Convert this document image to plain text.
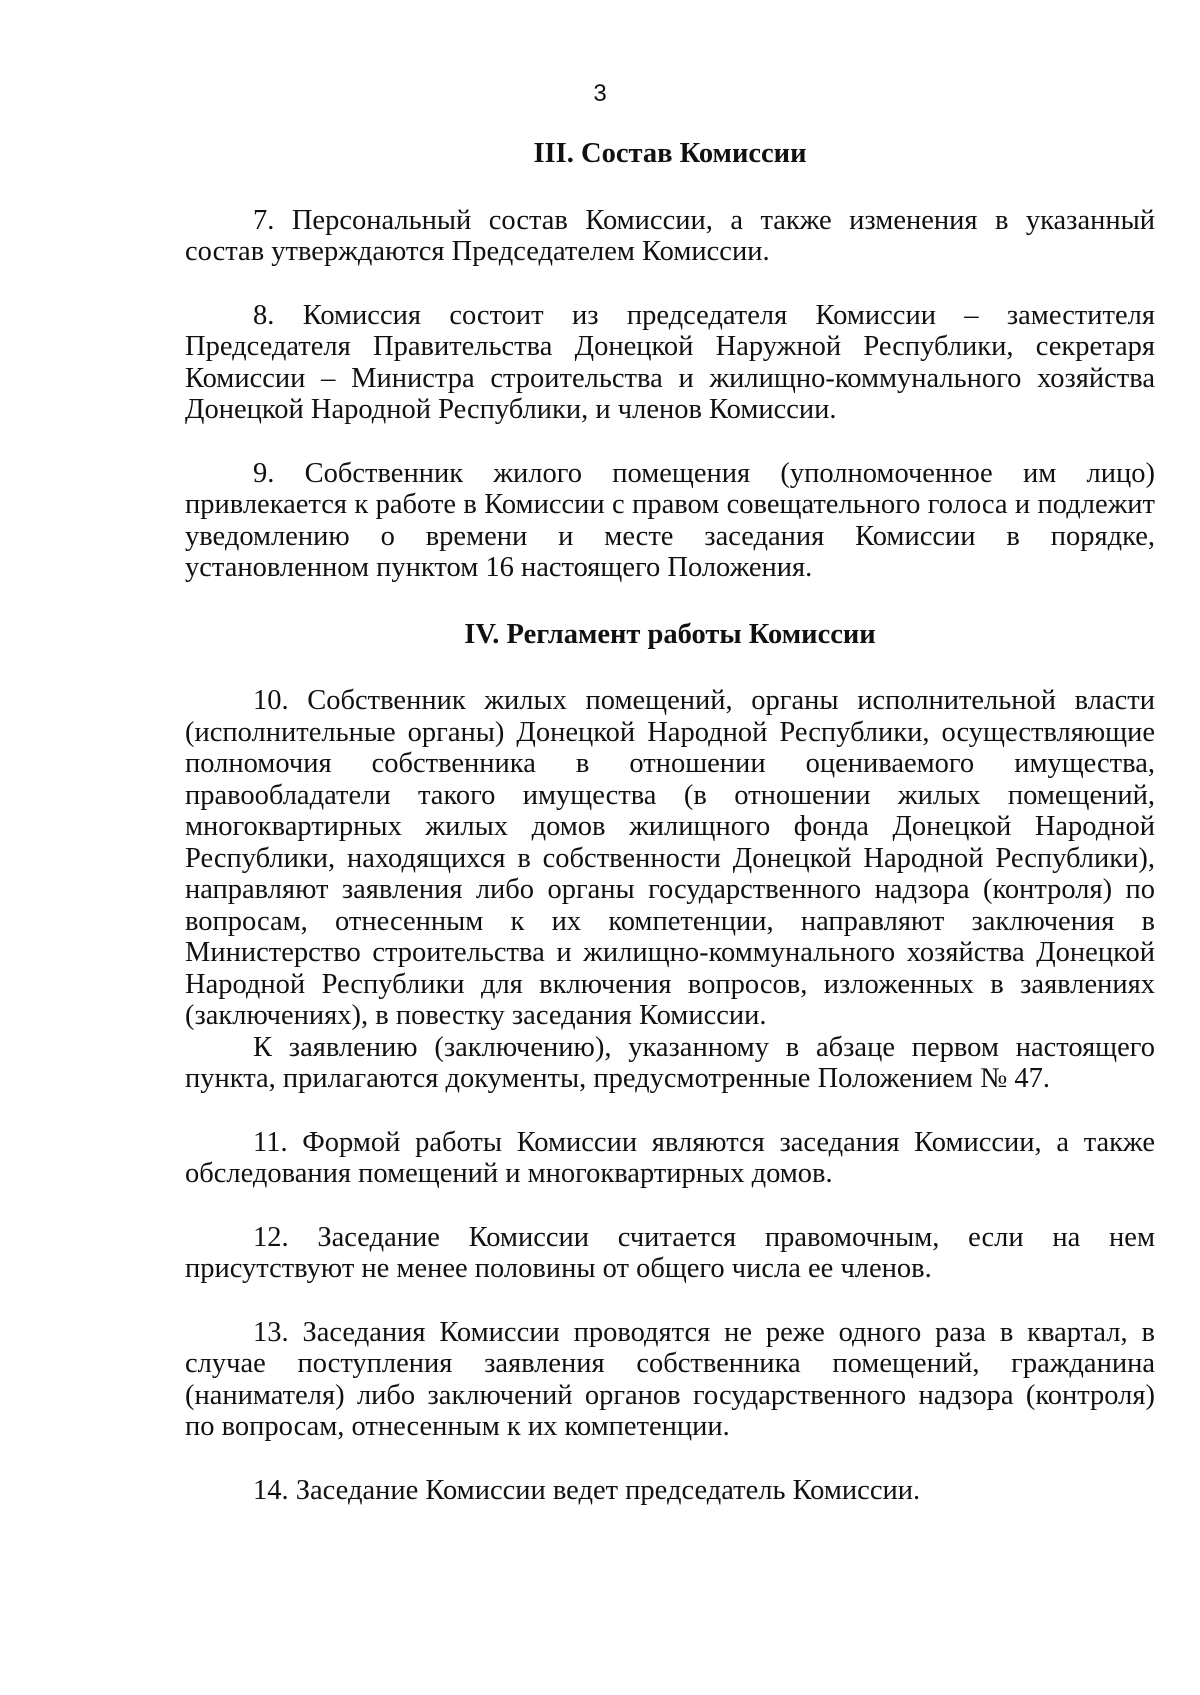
3
III. Состав Комиссии

7. Персональный состав Комиссии, а также изменения в указанный состав утверждаются Председателем Комиссии.

8. Комиссия состоит из председателя Комиссии – заместителя Председателя Правительства Донецкой Наружной Республики, секретаря Комиссии – Министра строительства и жилищно-коммунального хозяйства Донецкой Народной Республики, и членов Комиссии.

9. Собственник жилого помещения (уполномоченное им лицо) привлекается к работе в Комиссии с правом совещательного голоса и подлежит уведомлению о времени и месте заседания Комиссии в порядке, установленном пунктом 16 настоящего Положения.

IV. Регламент работы Комиссии

10. Собственник жилых помещений, органы исполнительной власти (исполнительные органы) Донецкой Народной Республики, осуществляющие полномочия собственника в отношении оцениваемого имущества, правообладатели такого имущества (в отношении жилых помещений, многоквартирных жилых домов жилищного фонда Донецкой Народной Республики, находящихся в собственности Донецкой Народной Республики), направляют заявления либо органы государственного надзора (контроля) по вопросам, отнесенным к их компетенции, направляют заключения в Министерство строительства и жилищно-коммунального хозяйства Донецкой Народной Республики для включения вопросов, изложенных в заявлениях (заключениях), в повестку заседания Комиссии.

К заявлению (заключению), указанному в абзаце первом настоящего пункта, прилагаются документы, предусмотренные Положением № 47.

11. Формой работы Комиссии являются заседания Комиссии, а также обследования помещений и многоквартирных домов.

12. Заседание Комиссии считается правомочным, если на нем присутствуют не менее половины от общего числа ее членов.

13. Заседания Комиссии проводятся не реже одного раза в квартал, в случае поступления заявления собственника помещений, гражданина (нанимателя) либо заключений органов государственного надзора (контроля) по вопросам, отнесенным к их компетенции.

14. Заседание Комиссии ведет председатель Комиссии.
